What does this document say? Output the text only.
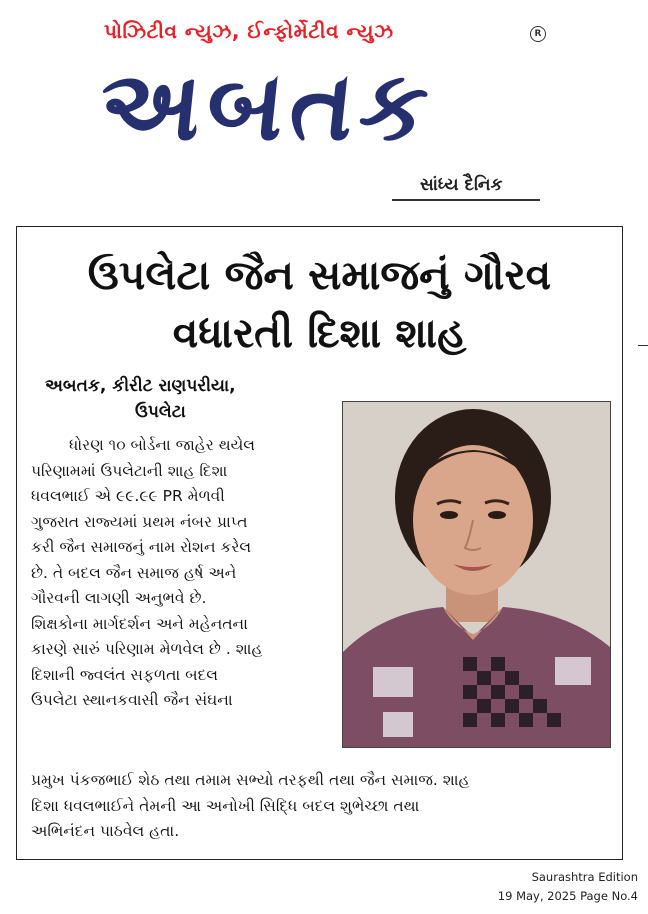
પોઝિટીવ ન્યુઝ, ઈન્ફોર્મેટીવ ન્યુઝ	R
અબતક
સાંધ્ય દૈનિક
ઉપલેટા જૈન સમાજનું ગૌરવ
વધારતી દિશા શાહ
અબતક, કીરીટ રાણપરીયા,
ઉપલેટા

ધોરણ ૧૦ બોર્ડના જાહેર થયેલ

પરિણામમાં ઉપલેટાની શાહ દિશા

ધવલભાઈ એ ૯૯.૯૯ PR મેળવી

ગુજરાત રાજ્યમાં પ્રથમ નંબર પ્રાપ્ત

કરી જૈન સમાજનું નામ રોશન કરેલ

છે. તે બદલ જૈન સમાજ હર્ષ અને

ગૌરવની લાગણી અનુભવે છે.

શિક્ષકોના માર્ગદર્શન અને મહેનતના

કારણે સારું પરિણામ મેળવેલ છે . શાહ

દિશાની જ્વલંત સફળતા બદલ

ઉપલેટા સ્થાનકવાસી જૈન સંઘના

પ્રમુખ પંકજભાઈ શેઠ તથા તમામ સભ્યો તરફથી તથા જૈન સમાજ. શાહ

દિશા ધવલભાઈને તેમની આ અનોખી સિદ્ધિ બદલ શુભેચ્છા તથા

અભિનંદન પાઠવેલ હતા.

Saurashtra Edition
19 May, 2025 Page No.4
